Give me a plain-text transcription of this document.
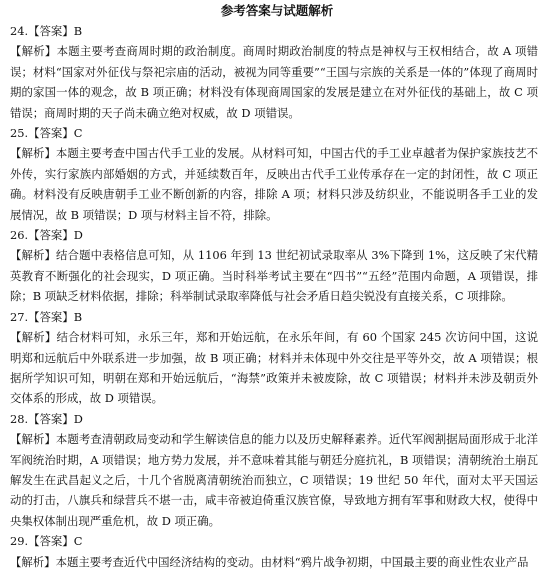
参考答案与试题解析
24.【答案】B
【解析】本题主要考查商周时期的政治制度。商周时期政治制度的特点是神权与王权相结合，故 A 项错误；材料“国家对外征伐与祭祀宗庙的活动，被视为同等重要”“王国与宗族的关系是一体的”体现了商周时期的家国一体的观念，故 B 项正确；材料没有体现商周国家的发展是建立在对外征伐的基础上，故 C 项错误；商周时期的天子尚未确立绝对权威，故 D 项错误。
25.【答案】C
【解析】本题主要考查中国古代手工业的发展。从材料可知，中国古代的手工业卓越者为保护家族技艺不外传，实行家族内部婚姻的方式，并延续数百年，反映出古代手工业传承存在一定的封闭性，故 C 项正确。材料没有反映唐朝手工业不断创新的内容，排除 A 项；材料只涉及纺织业，不能说明各手工业的发展情况，故 B 项错误；D 项与材料主旨不符，排除。
26.【答案】D
【解析】结合题中表格信息可知，从 1106 年到 13 世纪初试录取率从 3%下降到 1%，这反映了宋代精英教育不断强化的社会现实，D 项正确。当时科举考试主要在“四书”“五经”范围内命题，A 项错误，排除；B 项缺乏材料依据，排除；科举制试录取率降低与社会矛盾日趋尖锐没有直接关系，C 项排除。
27.【答案】B
【解析】结合材料可知，永乐三年，郑和开始远航，在永乐年间，有 60 个国家 245 次访问中国，这说明郑和远航后中外联系进一步加强，故 B 项正确；材料并未体现中外交往是平等外交，故 A 项错误；根据所学知识可知，明朝在郑和开始远航后，“海禁”政策并未被废除，故 C 项错误；材料并未涉及朝贡外交体系的形成，故 D 项错误。
28.【答案】D
【解析】本题考查清朝政局变动和学生解读信息的能力以及历史解释素养。近代军阀割据局面形成于北洋军阀统治时期，A 项错误；地方势力发展，并不意味着其能与朝廷分庭抗礼，B 项错误；清朝统治土崩瓦解发生在武昌起义之后，十几个省脱离清朝统治而独立，C 项错误；19 世纪 50 年代，面对太平天国运动的打击，八旗兵和绿营兵不堪一击，咸丰帝被迫倚重汉族官僚，导致地方拥有军事和财政大权，使得中央集权体制出现严重危机，故 D 项正确。
29.【答案】C
【解析】本题主要考查近代中国经济结构的变动。由材料“鸦片战争初期，中国最主要的商业性农业产品
